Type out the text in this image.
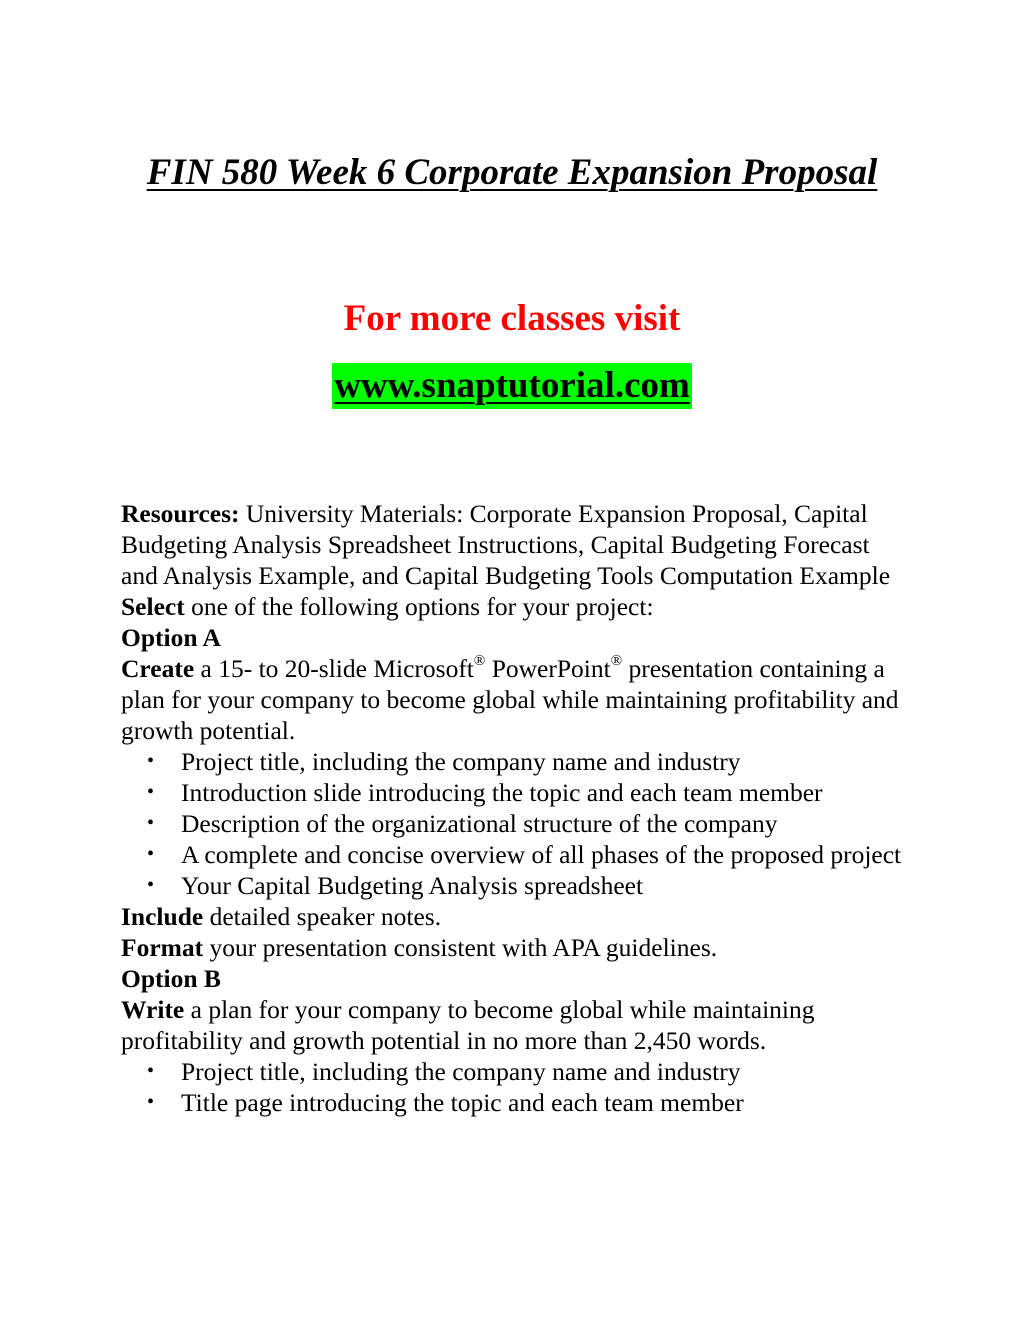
FIN 580 Week 6 Corporate Expansion Proposal

For more classes visit

www.snaptutorial.com

Resources: University Materials: Corporate Expansion Proposal, Capital Budgeting Analysis Spreadsheet Instructions, Capital Budgeting Forecast and Analysis Example, and Capital Budgeting Tools Computation Example

Select one of the following options for your project:

Option A

Create a 15- to 20-slide Microsoft® PowerPoint® presentation containing a plan for your company to become global while maintaining profitability and growth potential.

• Project title, including the company name and industry
• Introduction slide introducing the topic and each team member
• Description of the organizational structure of the company
• A complete and concise overview of all phases of the proposed project
• Your Capital Budgeting Analysis spreadsheet

Include detailed speaker notes.

Format your presentation consistent with APA guidelines.

Option B

Write a plan for your company to become global while maintaining profitability and growth potential in no more than 2,450 words.

• Project title, including the company name and industry
• Title page introducing the topic and each team member
